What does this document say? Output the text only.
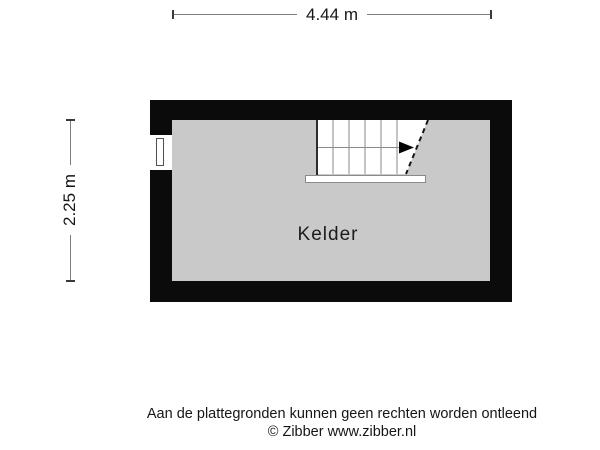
4.44 m
2.25 m
Kelder
Aan de plattegronden kunnen geen rechten worden ontleend
© Zibber www.zibber.nl
